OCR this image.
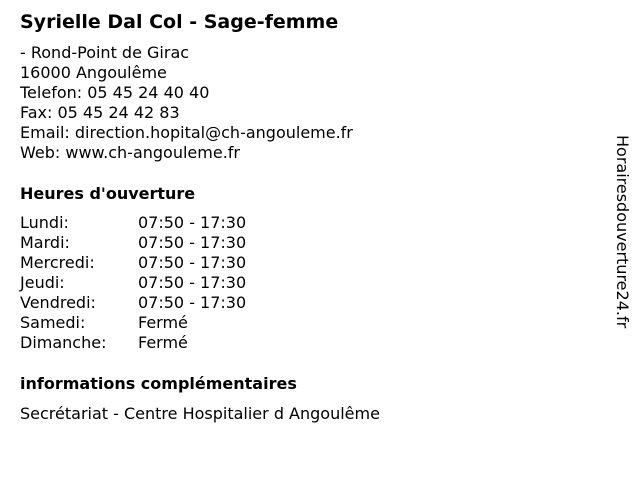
Syrielle Dal Col - Sage-femme
- Rond-Point de Girac
16000 Angoulême
Telefon: 05 45 24 40 40
Fax: 05 45 24 42 83
Email: direction.hopital@ch-angouleme.fr
Web: www.ch-angouleme.fr
Heures d'ouverture
Lundi:	07:50 - 17:30
Mardi:	07:50 - 17:30
Mercredi:	07:50 - 17:30
Jeudi:	07:50 - 17:30
Vendredi:	07:50 - 17:30
Samedi:	Fermé
Dimanche: Fermé
informations complémentaires
Secrétariat - Centre Hospitalier d Angoulême
Horairesdouverture24.fr
